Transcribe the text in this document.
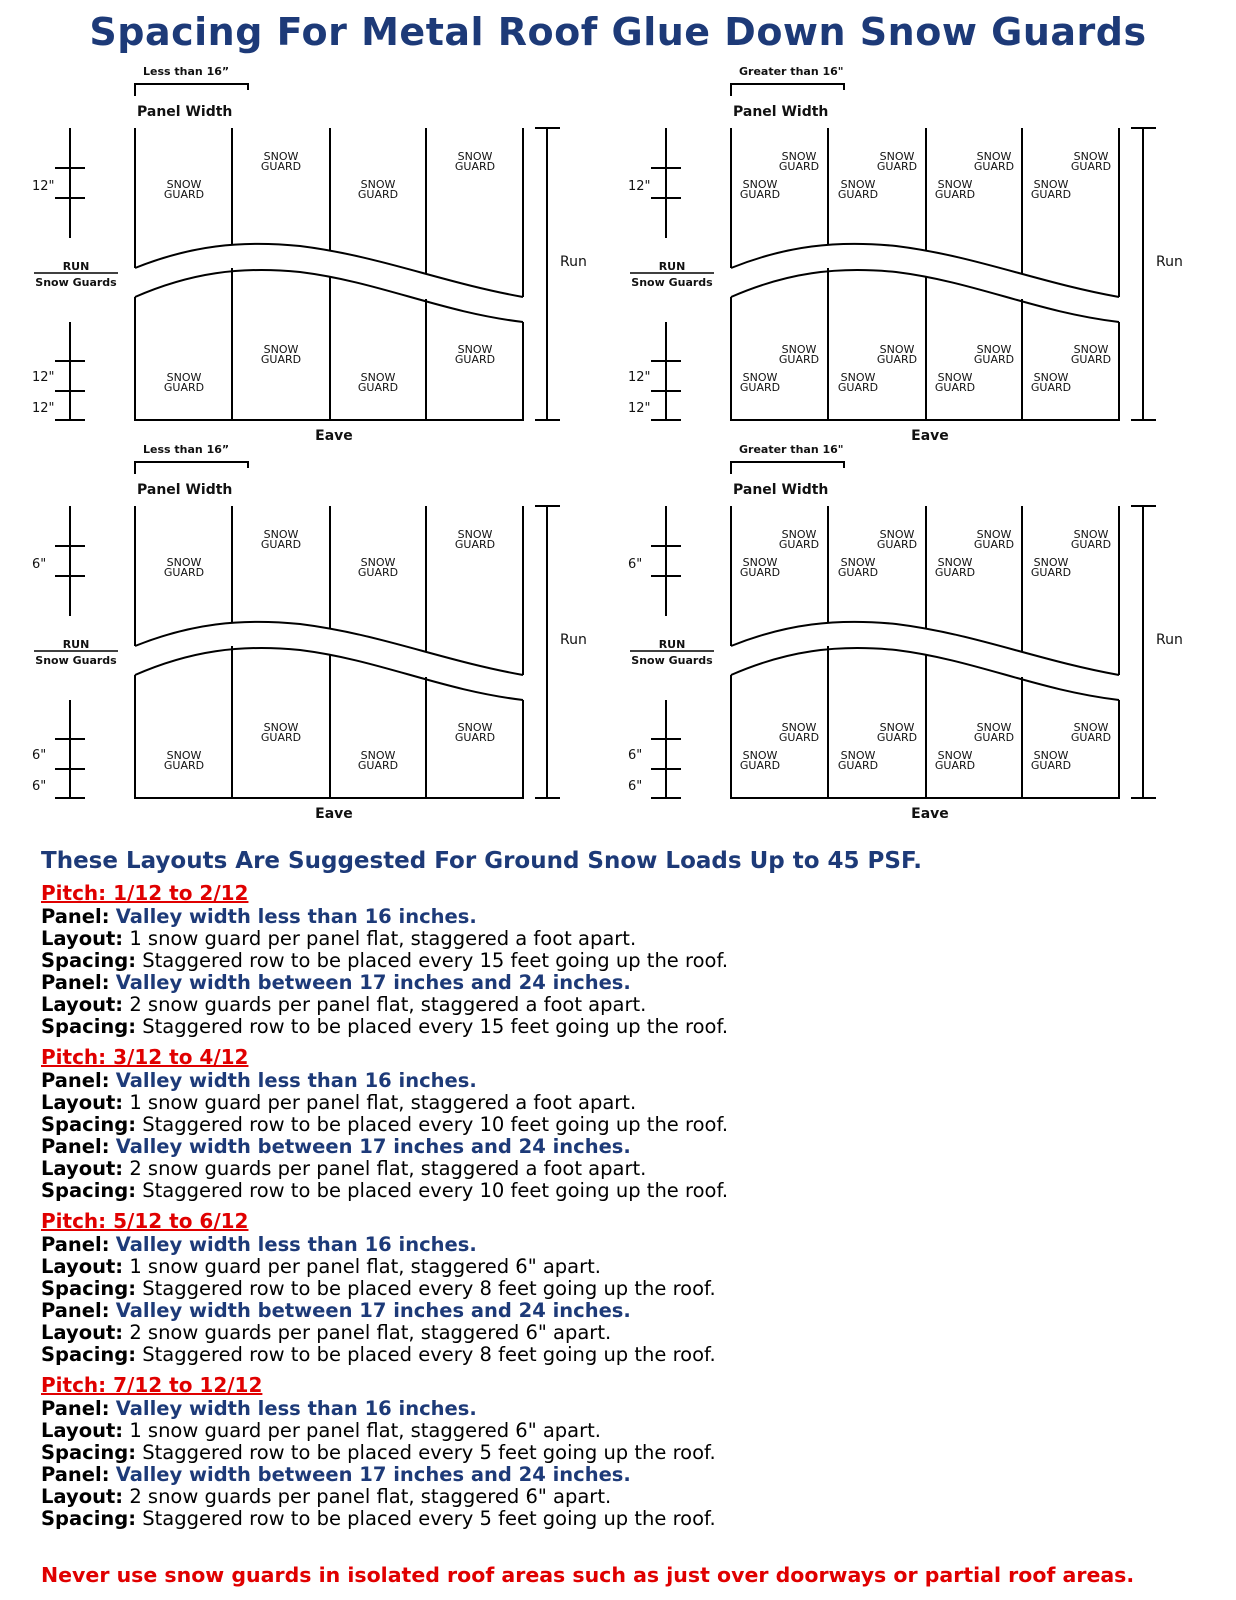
Spacing For Metal Roof Glue Down Snow Guards
Less than 16”
Panel Width
12"
RUN
Snow Guards
12"
12"
Run
Eave
SNOW
GUARD
SNOW
GUARD
SNOW
GUARD
SNOW
GUARD
SNOW
GUARD
SNOW
GUARD
SNOW
GUARD
SNOW
GUARD
Greater than 16"
Panel Width
12"
RUN
Snow Guards
12"
12"
Run
Eave
SNOW
GUARD
SNOW
GUARD
SNOW
GUARD
SNOW
GUARD
SNOW
GUARD
SNOW
GUARD
SNOW
GUARD
SNOW
GUARD
SNOW
GUARD
SNOW
GUARD
SNOW
GUARD
SNOW
GUARD
SNOW
GUARD
SNOW
GUARD
SNOW
GUARD
SNOW
GUARD
Less than 16”
Panel Width
6"
RUN
Snow Guards
6"
6"
Run
Eave
SNOW
GUARD
SNOW
GUARD
SNOW
GUARD
SNOW
GUARD
SNOW
GUARD
SNOW
GUARD
SNOW
GUARD
SNOW
GUARD
Greater than 16"
Panel Width
6"
RUN
Snow Guards
6"
6"
Run
Eave
SNOW
GUARD
SNOW
GUARD
SNOW
GUARD
SNOW
GUARD
SNOW
GUARD
SNOW
GUARD
SNOW
GUARD
SNOW
GUARD
SNOW
GUARD
SNOW
GUARD
SNOW
GUARD
SNOW
GUARD
SNOW
GUARD
SNOW
GUARD
SNOW
GUARD
SNOW
GUARD
These Layouts Are Suggested For Ground Snow Loads Up to 45 PSF.
Pitch: 1/12 to 2/12
Panel: Valley width less than 16 inches.
Layout: 1 snow guard per panel flat, staggered a foot apart.
Spacing: Staggered row to be placed every 15 feet going up the roof.
Panel: Valley width between 17 inches and 24 inches.
Layout: 2 snow guards per panel flat, staggered a foot apart.
Spacing: Staggered row to be placed every 15 feet going up the roof.
Pitch: 3/12 to 4/12
Panel: Valley width less than 16 inches.
Layout: 1 snow guard per panel flat, staggered a foot apart.
Spacing: Staggered row to be placed every 10 feet going up the roof.
Panel: Valley width between 17 inches and 24 inches.
Layout: 2 snow guards per panel flat, staggered a foot apart.
Spacing: Staggered row to be placed every 10 feet going up the roof.
Pitch: 5/12 to 6/12
Panel: Valley width less than 16 inches.
Layout: 1 snow guard per panel flat, staggered 6" apart.
Spacing: Staggered row to be placed every 8 feet going up the roof.
Panel: Valley width between 17 inches and 24 inches.
Layout: 2 snow guards per panel flat, staggered 6" apart.
Spacing: Staggered row to be placed every 8 feet going up the roof.
Pitch: 7/12 to 12/12
Panel: Valley width less than 16 inches.
Layout: 1 snow guard per panel flat, staggered 6" apart.
Spacing: Staggered row to be placed every 5 feet going up the roof.
Panel: Valley width between 17 inches and 24 inches.
Layout: 2 snow guards per panel flat, staggered 6" apart.
Spacing: Staggered row to be placed every 5 feet going up the roof.
Never use snow guards in isolated roof areas such as just over doorways or partial roof areas.
